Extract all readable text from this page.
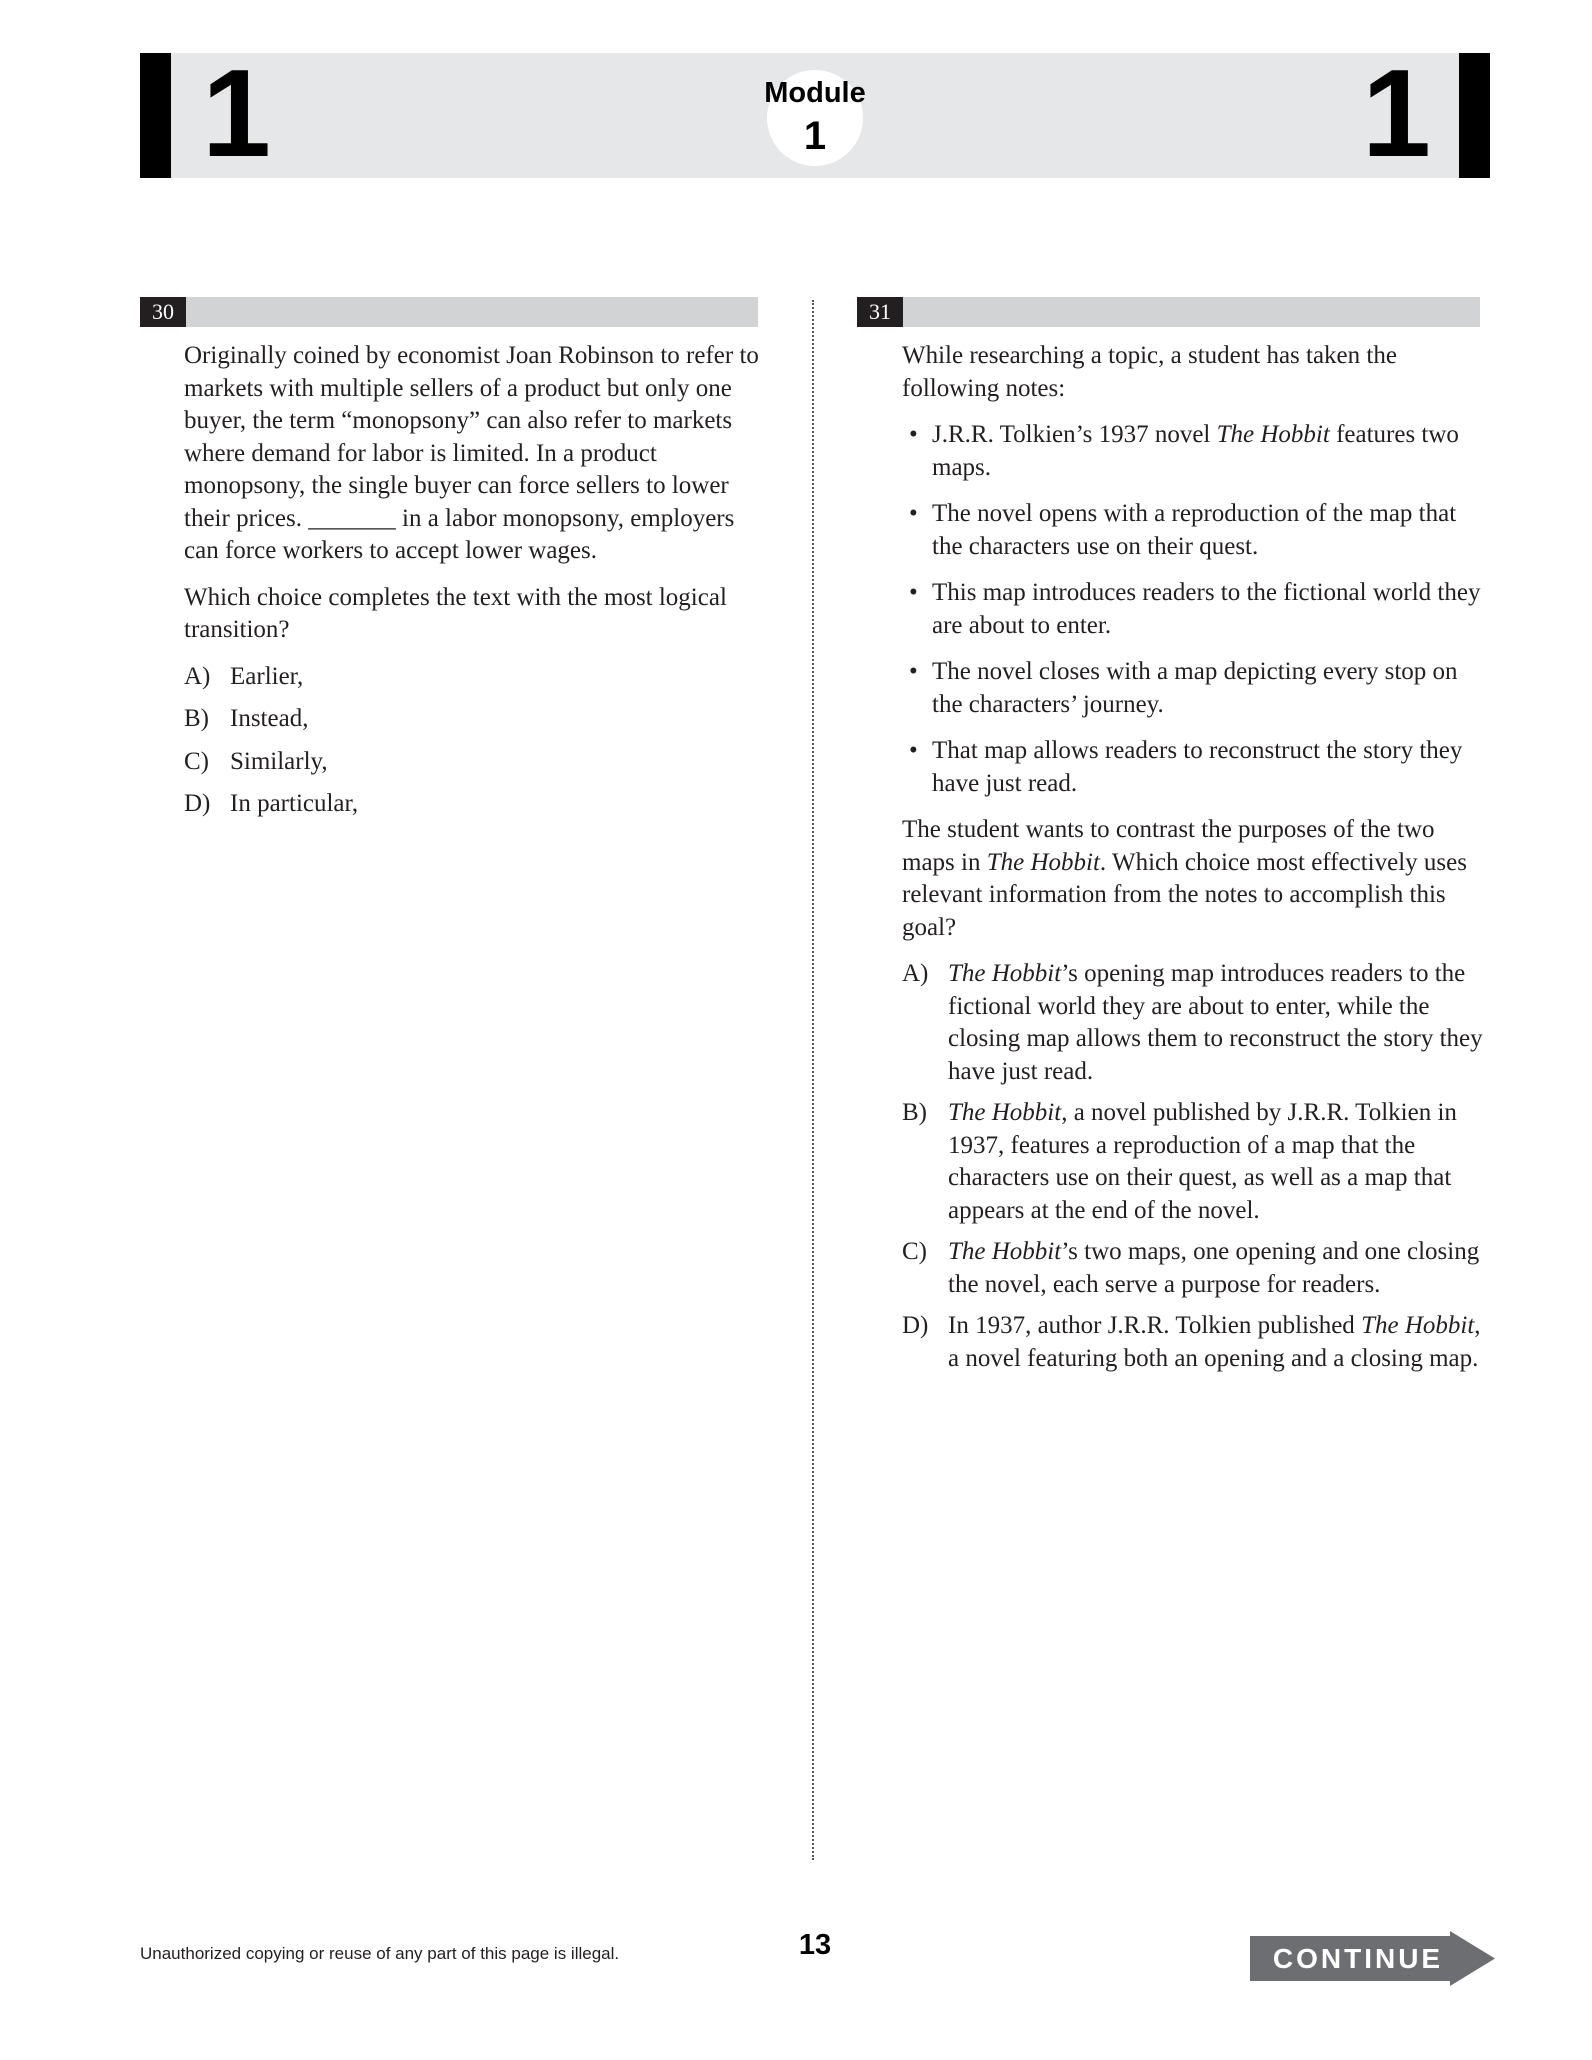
1	1
Module
1
30

Originally coined by economist Joan Robinson to refer to markets with multiple sellers of a product but only one buyer, the term “monopsony” can also refer to markets where demand for labor is limited. In a product monopsony, the single buyer can force sellers to lower their prices. _______ in a labor monopsony, employers can force workers to accept lower wages.

Which choice completes the text with the most logical transition?

A) Earlier,
B) Instead,
C) Similarly,
D) In particular,
31

While researching a topic, a student has taken the following notes:

• J.R.R. Tolkien’s 1937 novel The Hobbit features two maps.
• The novel opens with a reproduction of the map that the characters use on their quest.
• This map introduces readers to the fictional world they are about to enter.
• The novel closes with a map depicting every stop on the characters’ journey.
• That map allows readers to reconstruct the story they have just read.

The student wants to contrast the purposes of the two maps in The Hobbit. Which choice most effectively uses relevant information from the notes to accomplish this goal?

A) The Hobbit’s opening map introduces readers to the fictional world they are about to enter, while the closing map allows them to reconstruct the story they have just read.
B) The Hobbit, a novel published by J.R.R. Tolkien in 1937, features a reproduction of a map that the characters use on their quest, as well as a map that appears at the end of the novel.
C) The Hobbit’s two maps, one opening and one closing the novel, each serve a purpose for readers.
D) In 1937, author J.R.R. Tolkien published The Hobbit, a novel featuring both an opening and a closing map.
Unauthorized copying or reuse of any part of this page is illegal.	13	CONTINUE
